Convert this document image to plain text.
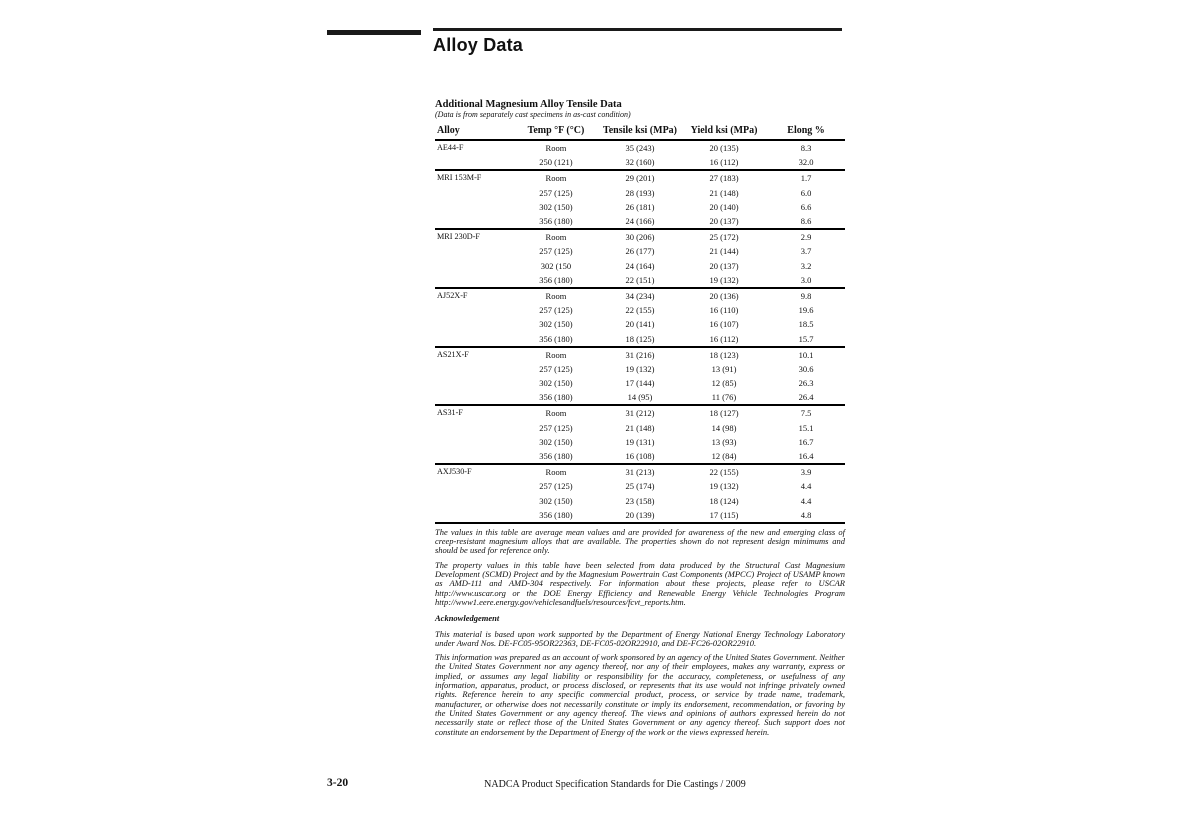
Alloy Data
Additional Magnesium Alloy Tensile Data
(Data is from separately cast specimens in as-cast condition)
Alloy	Temp °F (°C)	Tensile ksi (MPa)	Yield ksi (MPa)	Elong %
AE44-F	Room	35 (243)	20 (135)	8.3
	250 (121)	32 (160)	16 (112)	32.0
MRI 153M-F	Room	29 (201)	27 (183)	1.7
	257 (125)	28 (193)	21 (148)	6.0
	302 (150)	26 (181)	20 (140)	6.6
	356 (180)	24 (166)	20 (137)	8.6
MRI 230D-F	Room	30 (206)	25 (172)	2.9
	257 (125)	26 (177)	21 (144)	3.7
	302 (150	24 (164)	20 (137)	3.2
	356 (180)	22 (151)	19 (132)	3.0
AJ52X-F	Room	34 (234)	20 (136)	9.8
	257 (125)	22 (155)	16 (110)	19.6
	302 (150)	20 (141)	16 (107)	18.5
	356 (180)	18 (125)	16 (112)	15.7
AS21X-F	Room	31 (216)	18 (123)	10.1
	257 (125)	19 (132)	13 (91)	30.6
	302 (150)	17 (144)	12 (85)	26.3
	356 (180)	14 (95)	11 (76)	26.4
AS31-F	Room	31 (212)	18 (127)	7.5
	257 (125)	21 (148)	14 (98)	15.1
	302 (150)	19 (131)	13 (93)	16.7
	356 (180)	16 (108)	12 (84)	16.4
AXJ530-F	Room	31 (213)	22 (155)	3.9
	257 (125)	25 (174)	19 (132)	4.4
	302 (150)	23 (158)	18 (124)	4.4
	356 (180)	20 (139)	17 (115)	4.8
The values in this table are average mean values and are provided for awareness of the new and emerging class of creep-resistant magnesium alloys that are available. The properties shown do not represent design minimums and should be used for reference only.
The property values in this table have been selected from data produced by the Structural Cast Magnesium Development (SCMD) Project and by the Magnesium Powertrain Cast Components (MPCC) Project of USAMP known as AMD-111 and AMD-304 respectively. For information about these projects, please refer to USCAR http://www.uscar.org or the DOE Energy Efficiency and Renewable Energy Vehicle Technologies Program http://www1.eere.energy.gov/vehiclesandfuels/resources/fcvt_reports.htm.
Acknowledgement
This material is based upon work supported by the Department of Energy National Energy Technology Laboratory under Award Nos. DE-FC05-95OR22363, DE-FC05-02OR22910, and DE-FC26-02OR22910.
This information was prepared as an account of work sponsored by an agency of the United States Government. Neither the United States Government nor any agency thereof, nor any of their employees, makes any warranty, express or implied, or assumes any legal liability or responsibility for the accuracy, completeness, or usefulness of any information, apparatus, product, or process disclosed, or represents that its use would not infringe privately owned rights. Reference herein to any specific commercial product, process, or service by trade name, trademark, manufacturer, or otherwise does not necessarily constitute or imply its endorsement, recommendation, or favoring by the United States Government or any agency thereof. The views and opinions of authors expressed herein do not necessarily state or reflect those of the United States Government or any agency thereof. Such support does not constitute an endorsement by the Department of Energy of the work or the views expressed herein.
3-20	NADCA Product Specification Standards for Die Castings / 2009
